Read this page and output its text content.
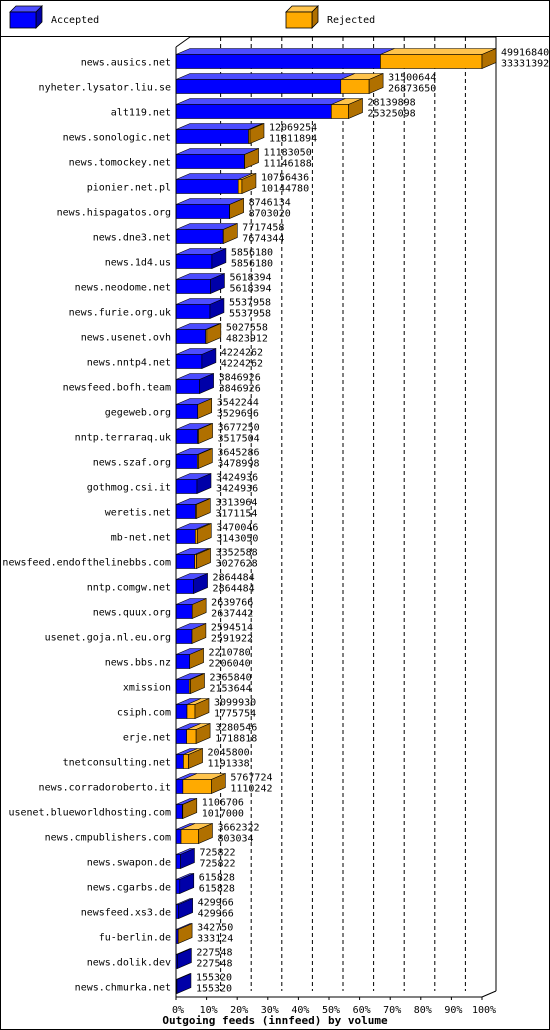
Accepted	Rejected
49916840
33331392
news.ausics.net
31500644
26873650
nyheter.lysator.liu.se
28139898
25325098
alt119.net
12069254
11811894
news.sonologic.net
11183050
11146188
news.tomockey.net
10756436
10144780
pionier.net.pl
8746134
8703020
news.hispagatos.org
7717458
7674344
news.dne3.net
5856180
5856180
news.1d4.us
5618394
5618394
news.neodome.net
5537958
5537958
news.furie.org.uk
5027558
4823912
news.usenet.ovh
4224262
4224262
news.nntp4.net
3846926
3846926
newsfeed.bofh.team
3542244
3529696
gegeweb.org
3677250
3517504
nntp.terraraq.uk
3645286
3478998
news.szaf.org
3424936
3424936
gothmog.csi.it
3313964
3171154
weretis.net
3470046
3143050
mb-net.net
3352588
3027628
newsfeed.endofthelinebbs.com
2864484
2864484
nntp.comgw.net
2639766
2637442
news.quux.org
2594514
2591922
usenet.goja.nl.eu.org
2210780
2206040
news.bbs.nz
2365840
2153644
xmission
3099930
1775754
csiph.com
3280546
1718818
erje.net
2045800
1191338
tnetconsulting.net
5767724
1110242
news.corradoroberto.it
1106706
1017000
usenet.blueworldhosting.com
3662322
803034
news.cmpublishers.com
725822
725822
news.swapon.de
615828
615828
news.cgarbs.de
429966
429966
newsfeed.xs3.de
342750
333124
fu-berlin.de
227548
227548
news.dolik.dev
155320
155320
news.chmurka.net
0% 10% 20% 30% 40% 50% 60% 70% 80% 90% 100%
Outgoing feeds (innfeed) by volume
